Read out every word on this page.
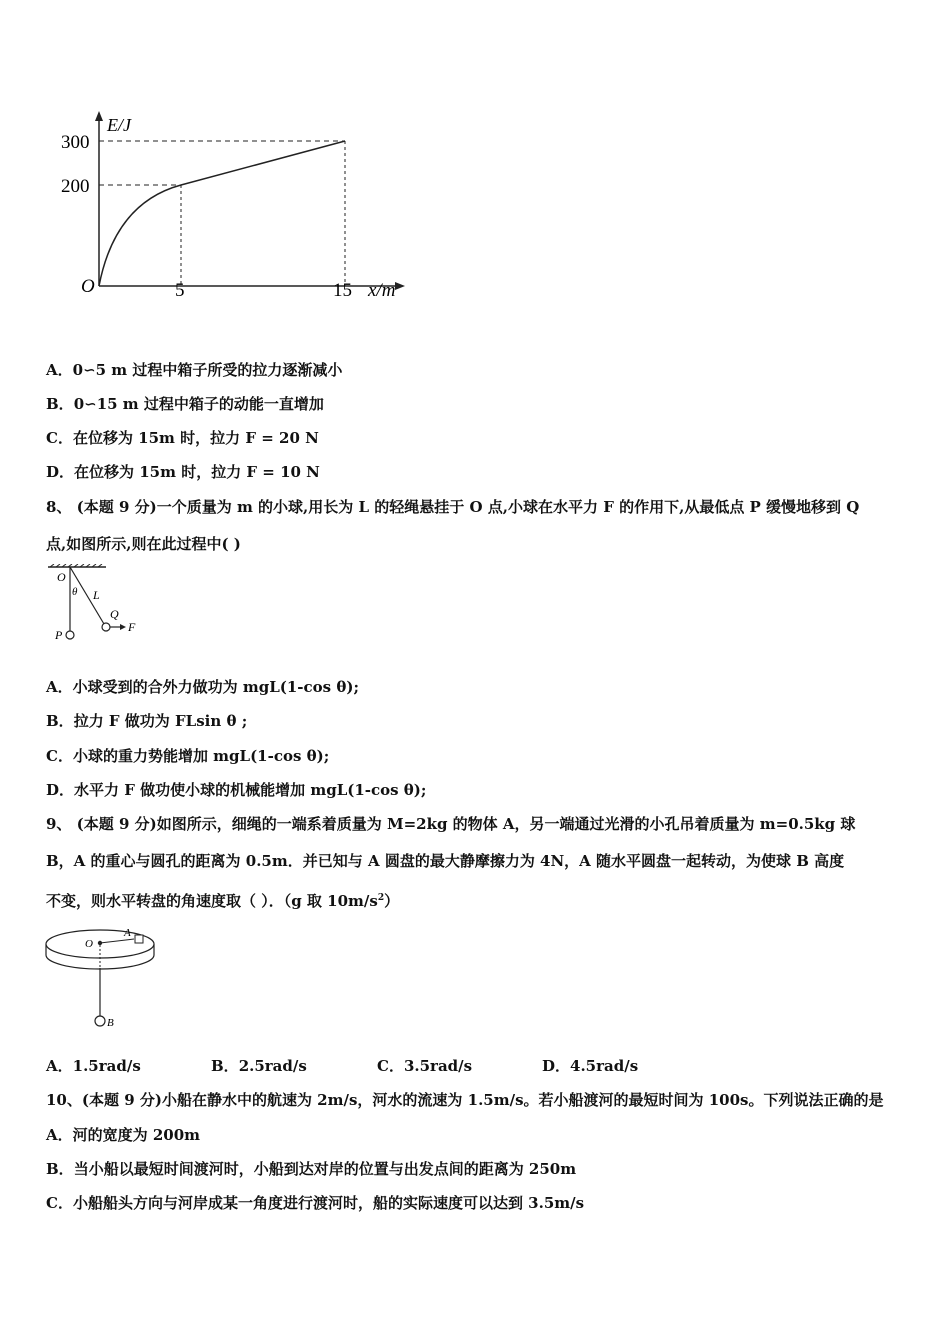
E/J
300
200
O	5	15 x/m
A．0∽5 m 过程中箱子所受的拉力逐渐减小
B．0∽15 m 过程中箱子的动能一直增加
C．在位移为 15m 时，拉力 F = 20 N
D．在位移为 15m 时，拉力 F = 10 N
8、 (本题 9 分)一个质量为 m 的小球,用长为 L 的轻绳悬挂于 O 点,小球在水平力 F 的作用下,从最低点 P 缓慢地移到 Q
点,如图所示,则在此过程中( )
O
θ L
Q
F
P
A．小球受到的合外力做功为 mgL(1-cos θ);
B．拉力 F 做功为 FLsin θ ;
C．小球的重力势能增加 mgL(1-cos θ);
D．水平力 F 做功使小球的机械能增加 mgL(1-cos θ);
9、 (本题 9 分)如图所示，细绳的一端系着质量为 M=2kg 的物体 A，另一端通过光滑的小孔吊着质量为 m=0.5kg 球
B，A 的重心与圆孔的距离为 0.5m．并已知与 A 圆盘的最大静摩擦力为 4N，A 随水平圆盘一起转动，为使球 B 高度
不变，则水平转盘的角速度取（ ）．（g 取 $10m/s^2$）
O
A
B
A．1.5rad/s	B．2.5rad/s	C．3.5rad/s	D．4.5rad/s
10、(本题 9 分)小船在静水中的航速为 2m/s，河水的流速为 1.5m/s。若小船渡河的最短时间为 100s。下列说法正确的是
A．河的宽度为 200m
B．当小船以最短时间渡河时，小船到达对岸的位置与出发点间的距离为 250m
C．小船船头方向与河岸成某一角度进行渡河时，船的实际速度可以达到 3.5m/s
